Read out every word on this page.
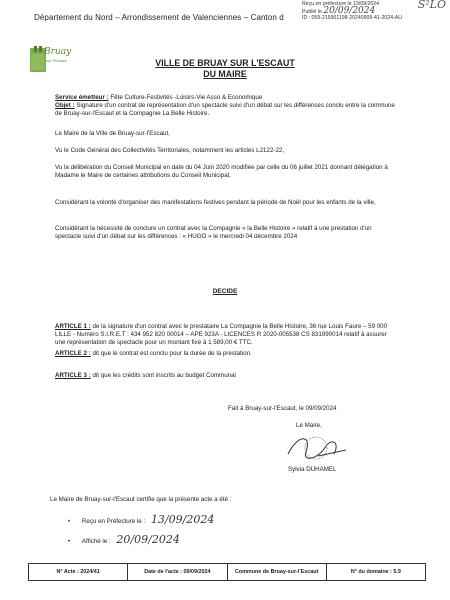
Département du Nord – Arrondissement de Valenciennes – Canton d
Reçu en préfecture le 13/09/2024
Publié le 20/09/2024
ID : 059-215901198-20240909-41-2024-AU
S²LO
Bruay
sur l'Escaut	VILLE DE BRUAY SUR L'ESCAUT
DU MAIRE
Service émetteur : Fête Culture-Festivités -Loisirs-Vie Asso & Economique
Objet : Signature d'un contrat de représentation d'un spectacle suivi d'un débat sur les différences conclu entre la commune de Bruay-sur-l'Escaut et la Compagnie La Belle Histoire.
Le Maire de la Ville de Bruay-sur-l'Escaut,
Vu le Code Général des Collectivités Territoriales, notamment les articles L2122-22,
Vu la délibération du Conseil Municipal en date du 04 Juin 2020 modifiée par celle du 06 juillet 2021 donnant délégation à Madame le Maire de certaines attributions du Conseil Municipal,
Considérant la volonté d'organiser des manifestations festives pendant la période de Noël pour les enfants de la ville,
Considérant la nécessité de conclure un contrat avec la Compagnie « la Belle Histoire » relatif à une prestation d'un spectacle suivi d'un débat sur les différences : « HUGO » le mercredi 04 décembre 2024
DECIDE
ARTICLE 1 : de la signature d'un contrat avec le prestataire La Compagnie la Belle Histoire, 36 rue Louis Faure – 59 000 LILLE - Numéro S.I.R.E.T : 434 952 820 00014 – APE 923A - LICENCES R 2020-005538 CS 831990014 relatif à assurer une représentation de spectacle pour un montant fixé à 1 589,00 € TTC.
ARTICLE 2 : dit que le contrat est conclu pour la durée de la prestation.
ARTICLE 3 : dit que les crédits sont inscrits au budget Communal
Fait à Bruay-sur-l'Escaut, le 09/09/2024
Le Maire,
Sylvia DUHAMEL
Le Maire de Bruay-sur-l'Escaut certifie que la présente acte a été :
• Reçu en Préfecture le : 13/09/2024
• Affiché le : 20/09/2024
N° Acte : 2024/41	Date de l'acte : 09/09/2024	Commune de Bruay-sur-l'Escaut	N° du domaine : 5.9
